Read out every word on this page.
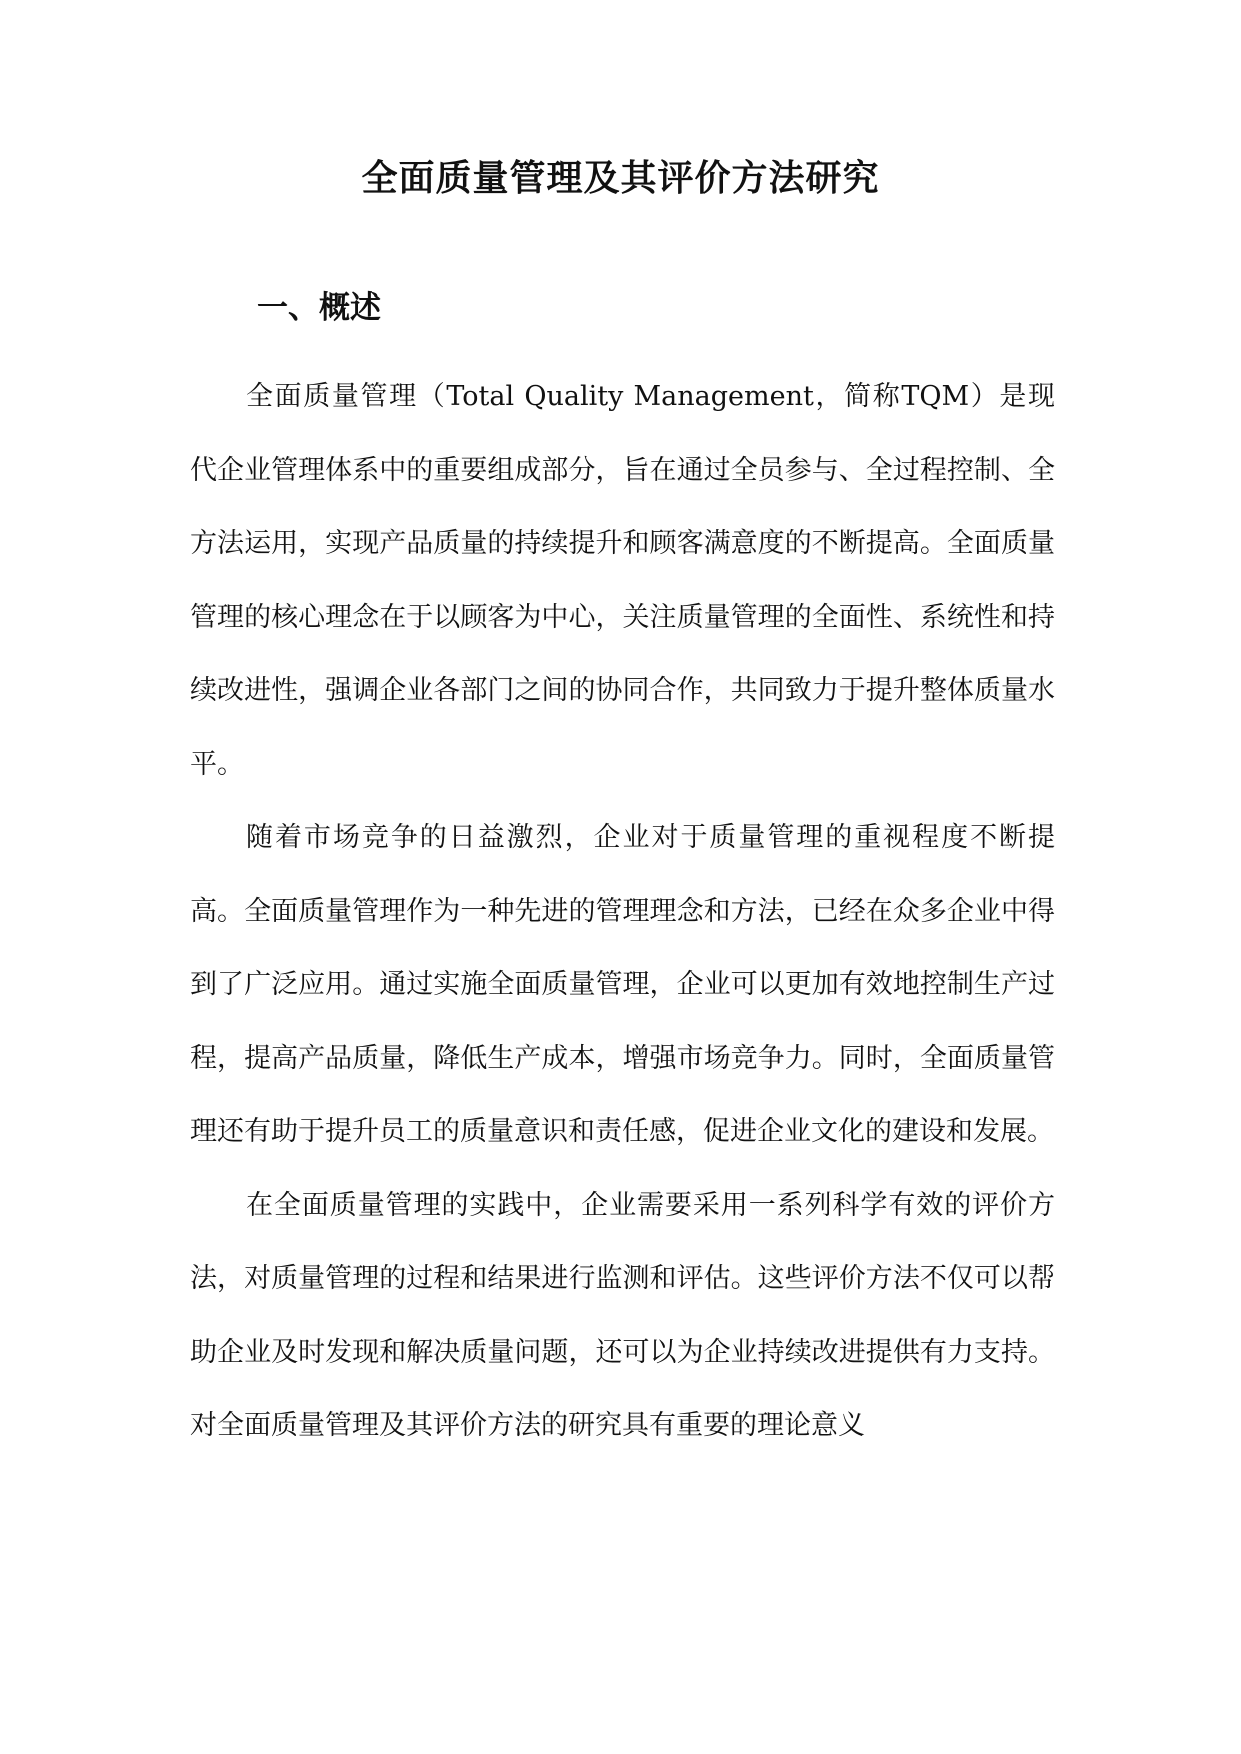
全面质量管理及其评价方法研究
一、概述

全面质量管理（Total Quality Management，简称TQM）是现代企业管理体系中的重要组成部分，旨在通过全员参与、全过程控制、全方法运用，实现产品质量的持续提升和顾客满意度的不断提高。全面质量管理的核心理念在于以顾客为中心，关注质量管理的全面性、系统性和持续改进性，强调企业各部门之间的协同合作，共同致力于提升整体质量水平。

随着市场竞争的日益激烈，企业对于质量管理的重视程度不断提高。全面质量管理作为一种先进的管理理念和方法，已经在众多企业中得到了广泛应用。通过实施全面质量管理，企业可以更加有效地控制生产过程，提高产品质量，降低生产成本，增强市场竞争力。同时，全面质量管理还有助于提升员工的质量意识和责任感，促进企业文化的建设和发展。

在全面质量管理的实践中，企业需要采用一系列科学有效的评价方法，对质量管理的过程和结果进行监测和评估。这些评价方法不仅可以帮助企业及时发现和解决质量问题，还可以为企业持续改进提供有力支持。对全面质量管理及其评价方法的研究具有重要的理论意义
